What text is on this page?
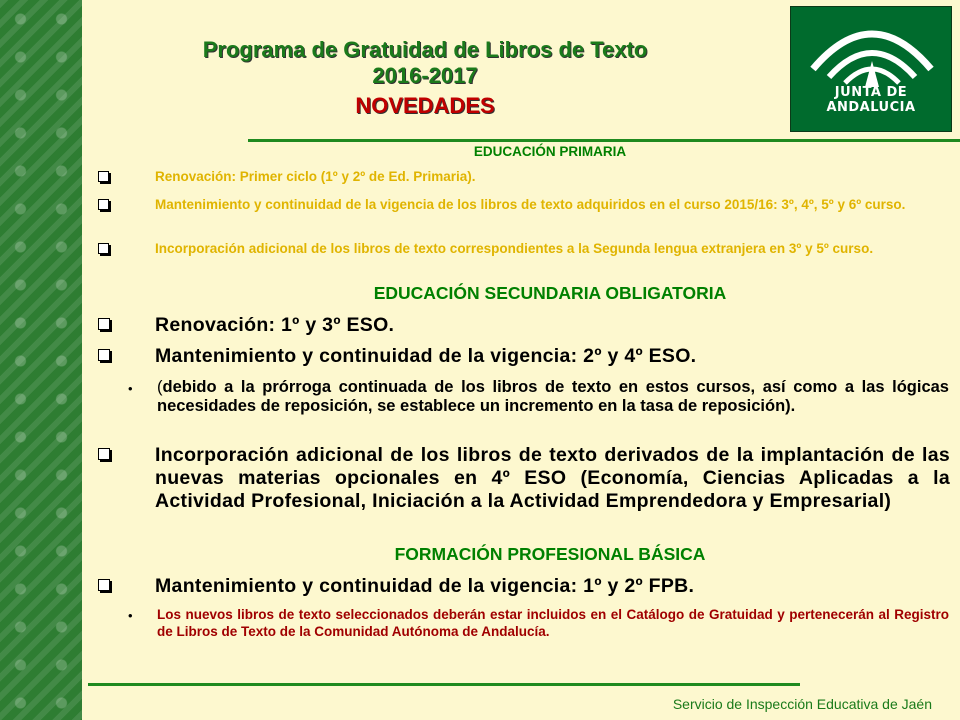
JUNTA DE ANDALUCIA
Programa de Gratuidad de Libros de Texto
2016-2017
NOVEDADES
EDUCACIÓN PRIMARIA
Renovación: Primer ciclo (1º y 2º de Ed. Primaria).
Mantenimiento y continuidad de la vigencia de los libros de texto adquiridos en el curso 2015/16: 3º, 4º, 5º y 6º curso.
Incorporación adicional de los libros de texto correspondientes a la Segunda lengua extranjera en 3º y 5º curso.
EDUCACIÓN SECUNDARIA OBLIGATORIA
Renovación: 1º y 3º ESO.
Mantenimiento y continuidad de la vigencia: 2º y 4º ESO.
• (debido a la prórroga continuada de los libros de texto en estos cursos, así como a las lógicas necesidades de reposición, se establece un incremento en la tasa de reposición).
Incorporación adicional de los libros de texto derivados de la implantación de las nuevas materias opcionales en 4º ESO (Economía, Ciencias Aplicadas a la Actividad Profesional, Iniciación a la Actividad Emprendedora y Empresarial)
FORMACIÓN PROFESIONAL BÁSICA
Mantenimiento y continuidad de la vigencia: 1º y 2º FPB.
• Los nuevos libros de texto seleccionados deberán estar incluidos en el Catálogo de Gratuidad y pertenecerán al Registro de Libros de Texto de la Comunidad Autónoma de Andalucía.
Servicio de Inspección Educativa de Jaén
